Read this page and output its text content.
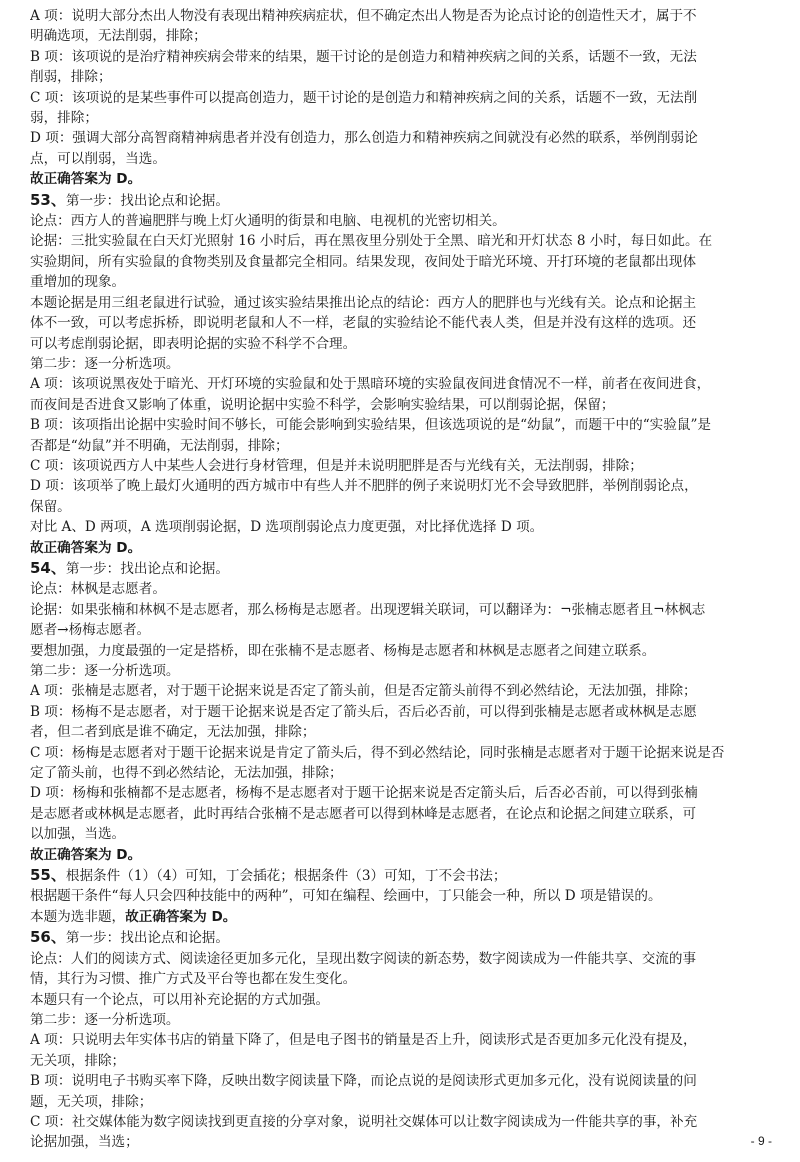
A 项：说明大部分杰出人物没有表现出精神疾病症状，但不确定杰出人物是否为论点讨论的创造性天才，属于不
明确选项，无法削弱，排除；
B 项：该项说的是治疗精神疾病会带来的结果，题干讨论的是创造力和精神疾病之间的关系，话题不一致，无法
削弱，排除；
C 项：该项说的是某些事件可以提高创造力，题干讨论的是创造力和精神疾病之间的关系，话题不一致，无法削
弱，排除；
D 项：强调大部分高智商精神病患者并没有创造力，那么创造力和精神疾病之间就没有必然的联系，举例削弱论
点，可以削弱，当选。
故正确答案为 D。
53、第一步：找出论点和论据。
论点：西方人的普遍肥胖与晚上灯火通明的街景和电脑、电视机的光密切相关。
论据：三批实验鼠在白天灯光照射 16 小时后，再在黑夜里分别处于全黑、暗光和开灯状态 8 小时，每日如此。在
实验期间，所有实验鼠的食物类别及食量都完全相同。结果发现，夜间处于暗光环境、开打环境的老鼠都出现体
重增加的现象。
本题论据是用三组老鼠进行试验，通过该实验结果推出论点的结论：西方人的肥胖也与光线有关。论点和论据主
体不一致，可以考虑拆桥，即说明老鼠和人不一样，老鼠的实验结论不能代表人类，但是并没有这样的选项。还
可以考虑削弱论据，即表明论据的实验不科学不合理。
第二步：逐一分析选项。
A 项：该项说黑夜处于暗光、开灯环境的实验鼠和处于黑暗环境的实验鼠夜间进食情况不一样，前者在夜间进食，
而夜间是否进食又影响了体重，说明论据中实验不科学，会影响实验结果，可以削弱论据，保留；
B 项：该项指出论据中实验时间不够长，可能会影响到实验结果，但该选项说的是“幼鼠”，而题干中的“实验鼠”是
否都是“幼鼠”并不明确，无法削弱，排除；
C 项：该项说西方人中某些人会进行身材管理，但是并未说明肥胖是否与光线有关，无法削弱，排除；
D 项：该项举了晚上最灯火通明的西方城市中有些人并不肥胖的例子来说明灯光不会导致肥胖，举例削弱论点，
保留。
对比 A、D 两项，A 选项削弱论据，D 选项削弱论点力度更强，对比择优选择 D 项。
故正确答案为 D。
54、第一步：找出论点和论据。
论点：林枫是志愿者。
论据：如果张楠和林枫不是志愿者，那么杨梅是志愿者。出现逻辑关联词，可以翻译为：¬张楠志愿者且¬林枫志
愿者→杨梅志愿者。
要想加强，力度最强的一定是搭桥，即在张楠不是志愿者、杨梅是志愿者和林枫是志愿者之间建立联系。
第二步：逐一分析选项。
A 项：张楠是志愿者，对于题干论据来说是否定了箭头前，但是否定箭头前得不到必然结论，无法加强，排除；
B 项：杨梅不是志愿者，对于题干论据来说是否定了箭头后，否后必否前，可以得到张楠是志愿者或林枫是志愿
者，但二者到底是谁不确定，无法加强，排除；
C 项：杨梅是志愿者对于题干论据来说是肯定了箭头后，得不到必然结论，同时张楠是志愿者对于题干论据来说是否
定了箭头前，也得不到必然结论，无法加强，排除；
D 项：杨梅和张楠都不是志愿者，杨梅不是志愿者对于题干论据来说是否定箭头后，后否必否前，可以得到张楠
是志愿者或林枫是志愿者，此时再结合张楠不是志愿者可以得到林峰是志愿者，在论点和论据之间建立联系，可
以加强，当选。
故正确答案为 D。
55、根据条件（1）（4）可知，丁会插花；根据条件（3）可知，丁不会书法；
根据题干条件“每人只会四种技能中的两种”，可知在编程、绘画中，丁只能会一种，所以 D 项是错误的。
本题为选非题，故正确答案为 D。
56、第一步：找出论点和论据。
论点：人们的阅读方式、阅读途径更加多元化，呈现出数字阅读的新态势，数字阅读成为一件能共享、交流的事
情，其行为习惯、推广方式及平台等也都在发生变化。
本题只有一个论点，可以用补充论据的方式加强。
第二步：逐一分析选项。
A 项：只说明去年实体书店的销量下降了，但是电子图书的销量是否上升，阅读形式是否更加多元化没有提及，
无关项，排除；
B 项：说明电子书购买率下降，反映出数字阅读量下降，而论点说的是阅读形式更加多元化，没有说阅读量的问
题，无关项，排除；
C 项：社交媒体能为数字阅读找到更直接的分享对象，说明社交媒体可以让数字阅读成为一件能共享的事，补充
论据加强，当选；	- 9 -
